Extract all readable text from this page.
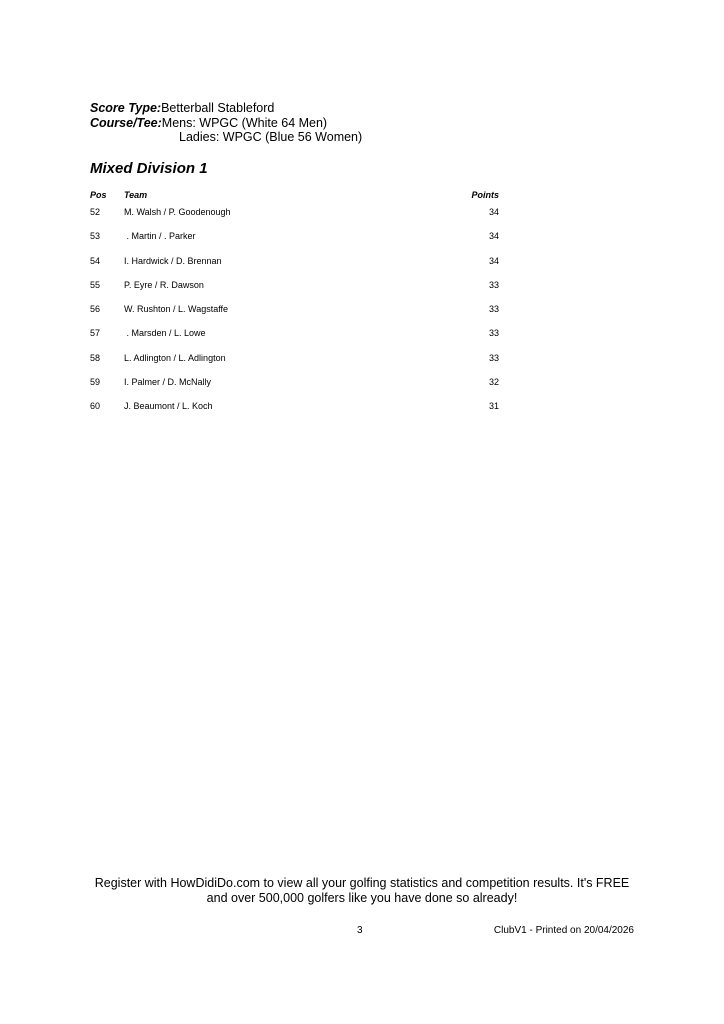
Score Type:Betterball Stableford
Course/Tee:Mens: WPGC (White 64 Men)
Ladies: WPGC (Blue 56 Women)
Mixed Division 1
Pos Team	Points
52	M. Walsh / P. Goodenough	34
53	. Martin / . Parker	34
54	I. Hardwick / D. Brennan	34
55	P. Eyre / R. Dawson	33
56	W. Rushton / L. Wagstaffe	33
57	. Marsden / L. Lowe	33
58	L. Adlington / L. Adlington	33
59	I. Palmer / D. McNally	32
60	J. Beaumont / L. Koch	31
Register with HowDidiDo.com to view all your golfing statistics and competition results. It's FREE
and over 500,000 golfers like you have done so already!
3	ClubV1 - Printed on 20/04/2026
